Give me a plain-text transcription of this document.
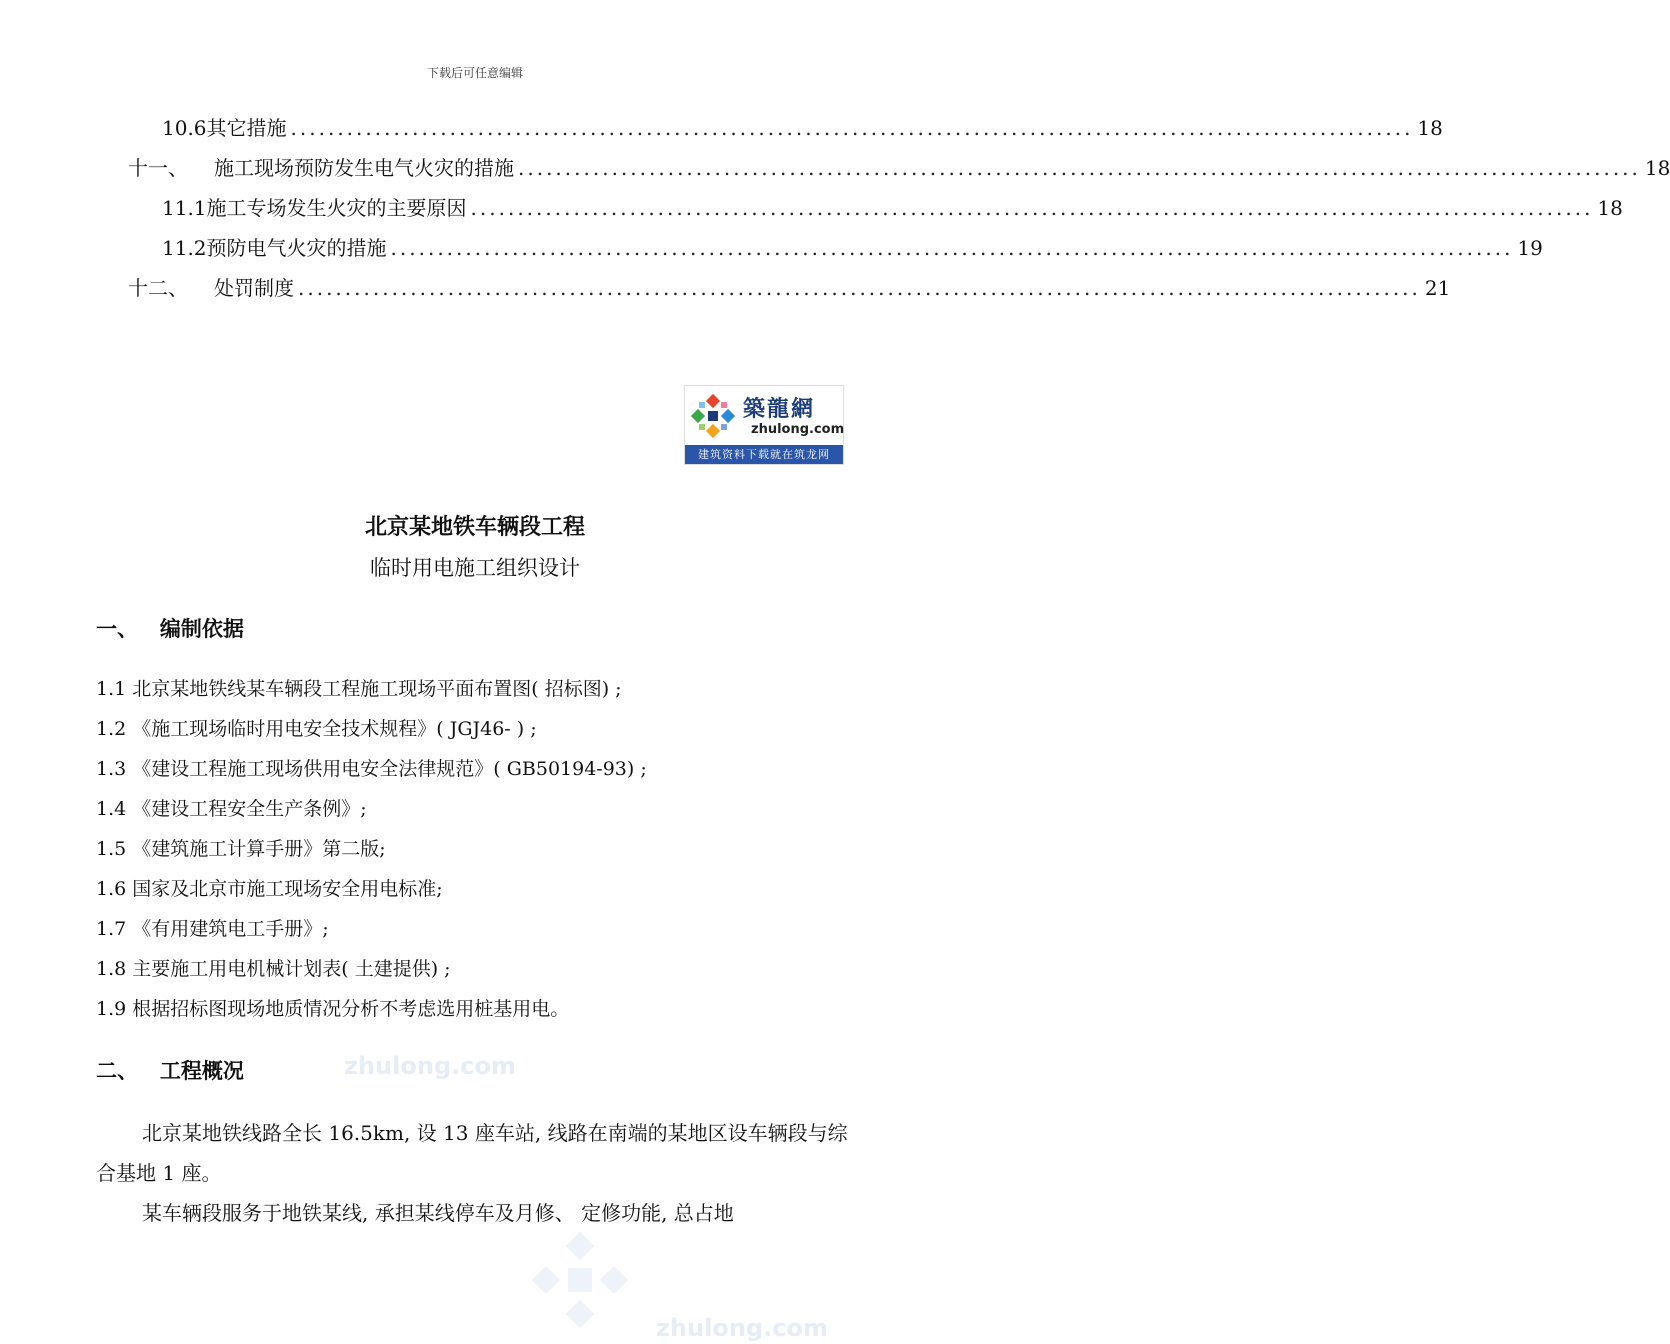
下载后可任意编辑
10.6 其它措施 ........................................................................................................................ 18
十一、 施工现场预防发生电气火灾的措施 ........................................................................................................................ 18
11.1 施工专场发生火灾的主要原因 ........................................................................................................................ 18
11.2 预防电气火灾的措施 ........................................................................................................................ 19
十二、 处罚制度 ........................................................................................................................ 21
築龍網
zhulong.com
建筑资料下载就在筑龙网
北京某地铁车辆段工程
临时用电施工组织设计
一、   编制依据
1.1 北京某地铁线某车辆段工程施工现场平面布置图( 招标图) ;
1.2 《施工现场临时用电安全技术规程》( JGJ46- ) ;
1.3 《建设工程施工现场供用电安全法律规范》( GB50194-93) ;
1.4 《建设工程安全生产条例》;
1.5 《建筑施工计算手册》第二版;
1.6 国家及北京市施工现场安全用电标准;
1.7 《有用建筑电工手册》;
1.8 主要施工用电机械计划表( 土建提供) ;
1.9 根据招标图现场地质情况分析不考虑选用桩基用电。
二、   工程概况
北京某地铁线路全长 16.5km, 设 13 座车站, 线路在南端的某地区设车辆段与综合基地 1 座。
某车辆段服务于地铁某线, 承担某线停车及月修、 定修功能, 总占地
zhulong.com
zhulong.com
